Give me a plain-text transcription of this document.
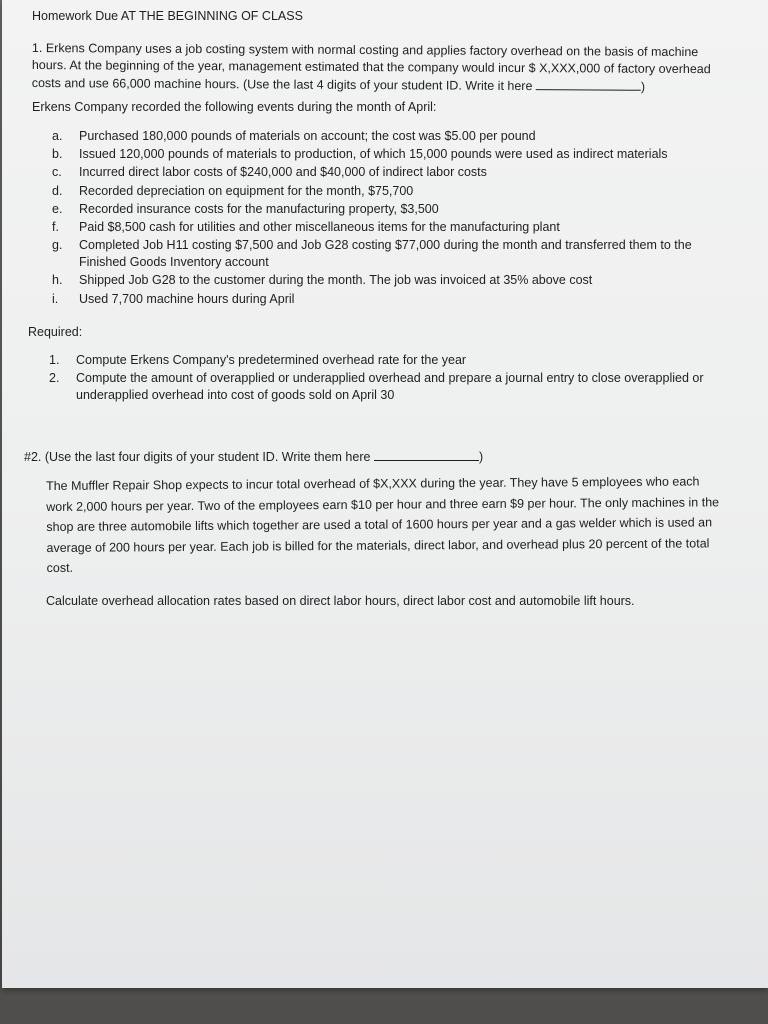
Homework Due AT THE BEGINNING OF CLASS

1. Erkens Company uses a job costing system with normal costing and applies factory overhead on the basis of machine hours. At the beginning of the year, management estimated that the company would incur $ X,XXX,000 of factory overhead costs and use 66,000 machine hours. (Use the last 4 digits of your student ID. Write it here	)

Erkens Company recorded the following events during the month of April:
a.	Purchased 180,000 pounds of materials on account; the cost was $5.00 per pound
b.	Issued 120,000 pounds of materials to production, of which 15,000 pounds were used as indirect materials
c.	Incurred direct labor costs of $240,000 and $40,000 of indirect labor costs
d.	Recorded depreciation on equipment for the month, $75,700
e.	Recorded insurance costs for the manufacturing property, $3,500
f.	Paid $8,500 cash for utilities and other miscellaneous items for the manufacturing plant
g.	Completed Job H11 costing $7,500 and Job G28 costing $77,000 during the month and transferred them to the Finished Goods Inventory account
h.	Shipped Job G28 to the customer during the month. The job was invoiced at 35% above cost
i.	Used 7,700 machine hours during April
Required:
1.	Compute Erkens Company's predetermined overhead rate for the year
2.	Compute the amount of overapplied or underapplied overhead and prepare a journal entry to close overapplied or underapplied overhead into cost of goods sold on April 30

#2. (Use the last four digits of your student ID. Write them here	)

The Muffler Repair Shop expects to incur total overhead of $X,XXX during the year. They have 5 employees who each work 2,000 hours per year. Two of the employees earn $10 per hour and three earn $9 per hour. The only machines in the shop are three automobile lifts which together are used a total of 1600 hours per year and a gas welder which is used an average of 200 hours per year. Each job is billed for the materials, direct labor, and overhead plus 20 percent of the total cost.

Calculate overhead allocation rates based on direct labor hours, direct labor cost and automobile lift hours.
